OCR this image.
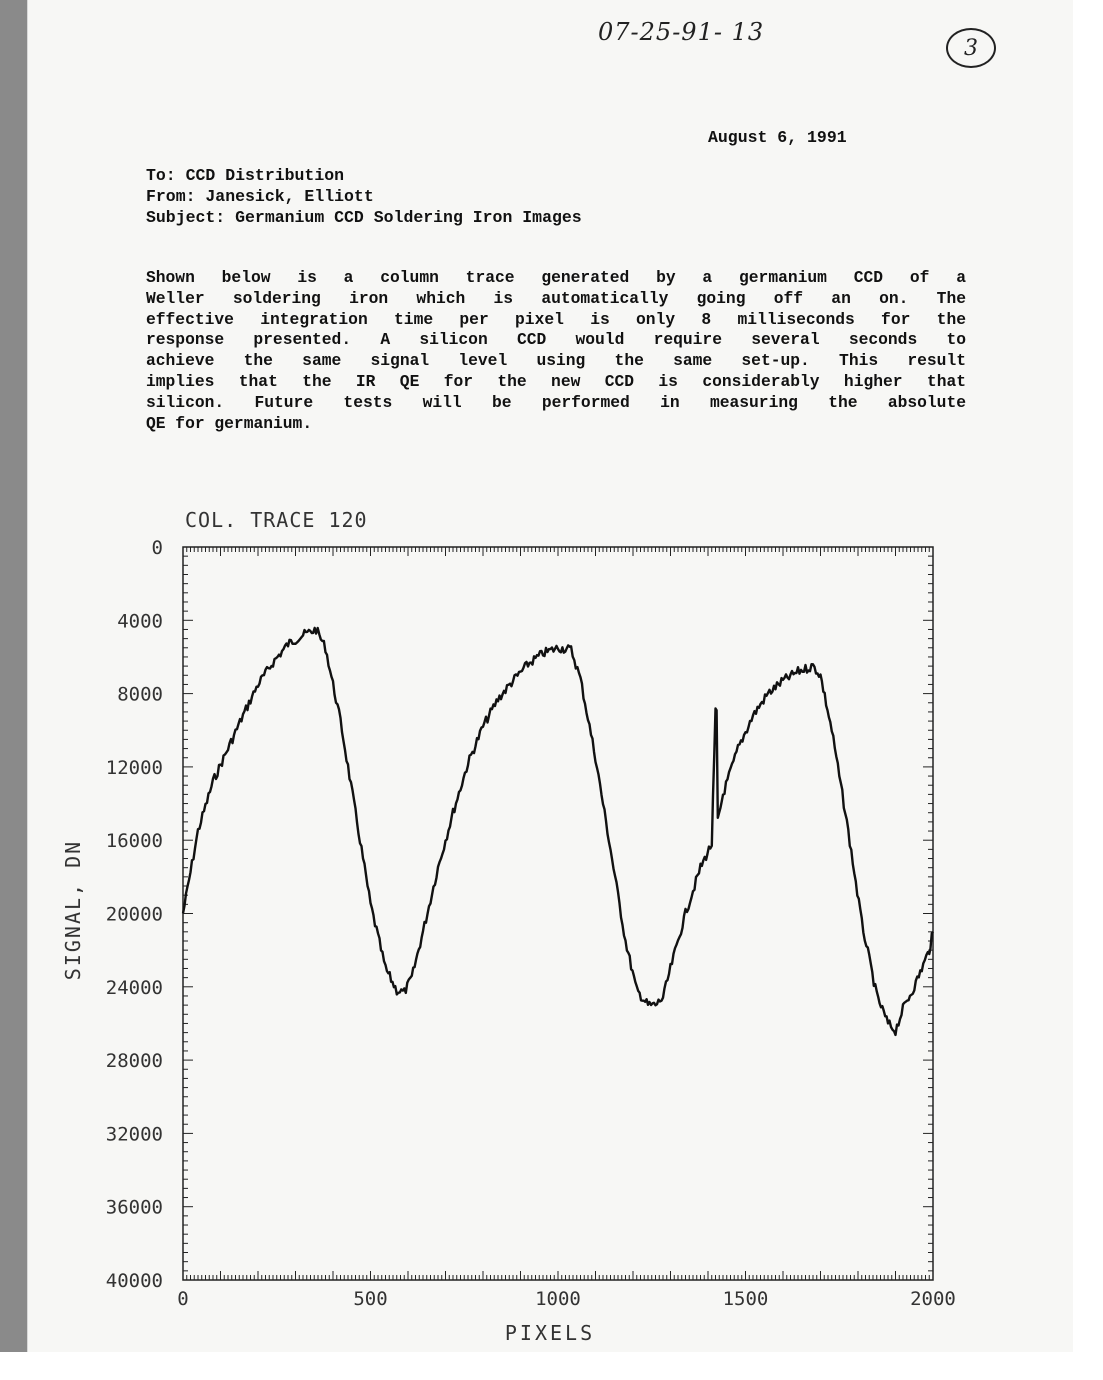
07-25-91- 13
3
August 6, 1991
To: CCD Distribution
From: Janesick, Elliott
Subject: Germanium CCD Soldering Iron Images
Shown below is a column trace generated by a germanium CCD of a
Weller soldering iron which is automatically going off an on. The
effective integration time per pixel is only 8 milliseconds for the
response presented. A silicon CCD would require several seconds to
achieve the same signal level using the same set-up. This result
implies that the IR QE for the new CCD is considerably higher that
silicon. Future tests will be performed in measuring the absolute
QE for germanium.
COL. TRACE 120
PIXELS
SIGNAL, DN
0
4000
8000
12000
16000
20000
24000
28000
32000
36000
40000
0	500	1000	1500	2000
